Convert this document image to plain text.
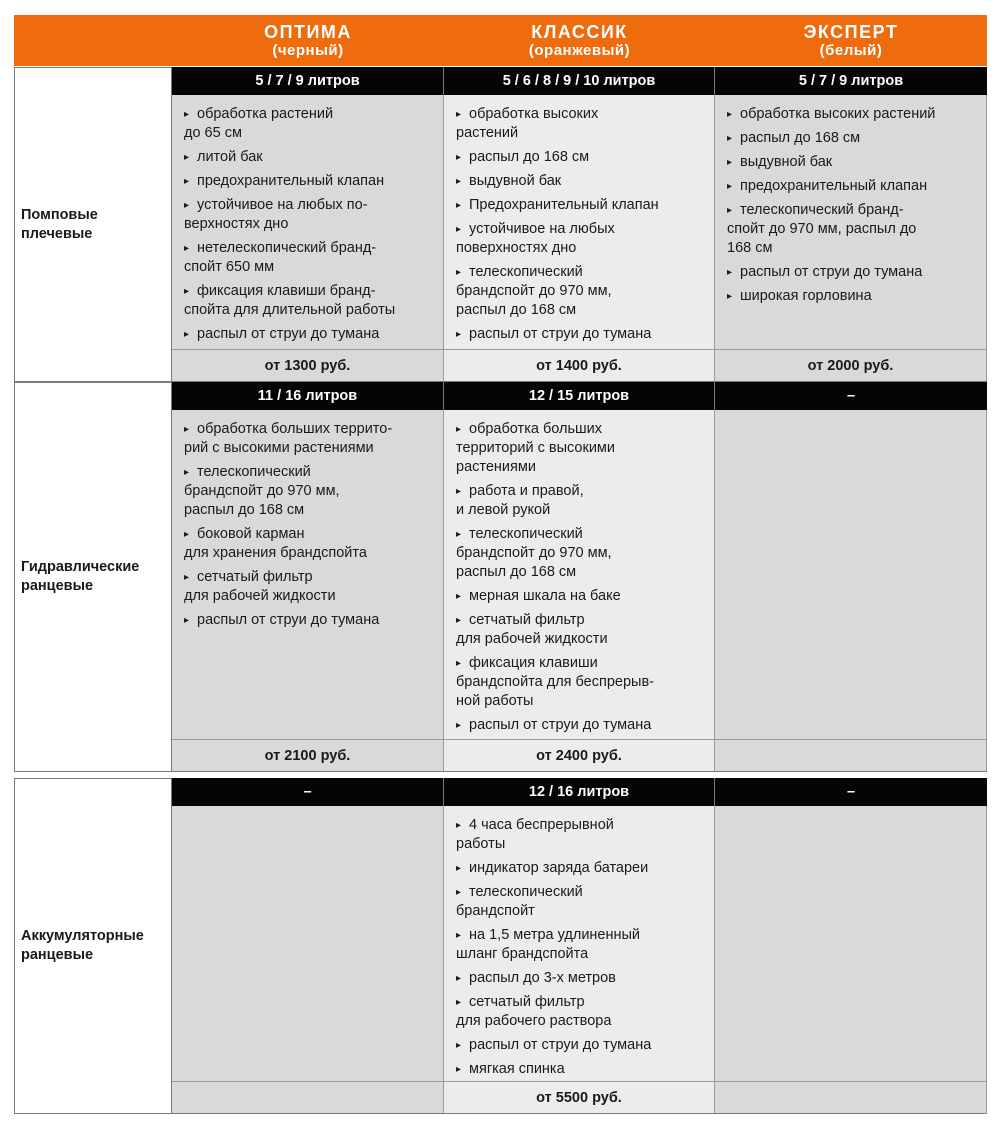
ОПТИМА
(черный)
КЛАССИК
(оранжевый)
ЭКСПЕРТ
(белый)
Помповые
плечевые
5 / 7 / 9 литров
▸ обработка растений
до 65 см
▸ литой бак
▸ предохранительный клапан
▸ устойчивое на любых по-
верхностях дно
▸ нетелескопический бранд-
спойт 650 мм
▸ фиксация клавиши бранд-
спойта для длительной работы
▸ распыл от струи до тумана
от 1300 руб.
5 / 6 / 8 / 9 / 10 литров
▸ обработка высоких
растений
▸ распыл до 168 см
▸ выдувной бак
▸ Предохранительный клапан
▸ устойчивое на любых
поверхностях дно
▸ телескопический
брандспойт до 970 мм,
распыл до 168 см
▸ распыл от струи до тумана
от 1400 руб.
5 / 7 / 9 литров
▸ обработка высоких растений
▸ распыл до 168 см
▸ выдувной бак
▸ предохранительный клапан
▸ телескопический бранд-
спойт до 970 мм, распыл до
168 см
▸ распыл от струи до тумана
▸ широкая горловина
от 2000 руб.
Гидравлические
ранцевые
11 / 16 литров
▸ обработка больших террито-
рий с высокими растениями
▸ телескопический
брандспойт до 970 мм,
распыл до 168 см
▸ боковой карман
для хранения брандспойта
▸ сетчатый фильтр
для рабочей жидкости
▸ распыл от струи до тумана
от 2100 руб.
12 / 15 литров
▸ обработка больших
территорий с высокими
растениями
▸ работа и правой,
и левой рукой
▸ телескопический
брандспойт до 970 мм,
распыл до 168 см
▸ мерная шкала на баке
▸ сетчатый фильтр
для рабочей жидкости
▸ фиксация клавиши
брандспойта для беспрерыв-
ной работы
▸ распыл от струи до тумана
от 2400 руб.
–
Аккумуляторные
ранцевые
–	12 / 16 литров
▸ 4 часа беспрерывной
работы
▸ индикатор заряда батареи
▸ телескопический
брандспойт
▸ на 1,5 метра удлиненный
шланг брандспойта
▸ распыл до 3-х метров
▸ сетчатый фильтр
для рабочего раствора
▸ распыл от струи до тумана
▸ мягкая спинка
от 5500 руб.
–
